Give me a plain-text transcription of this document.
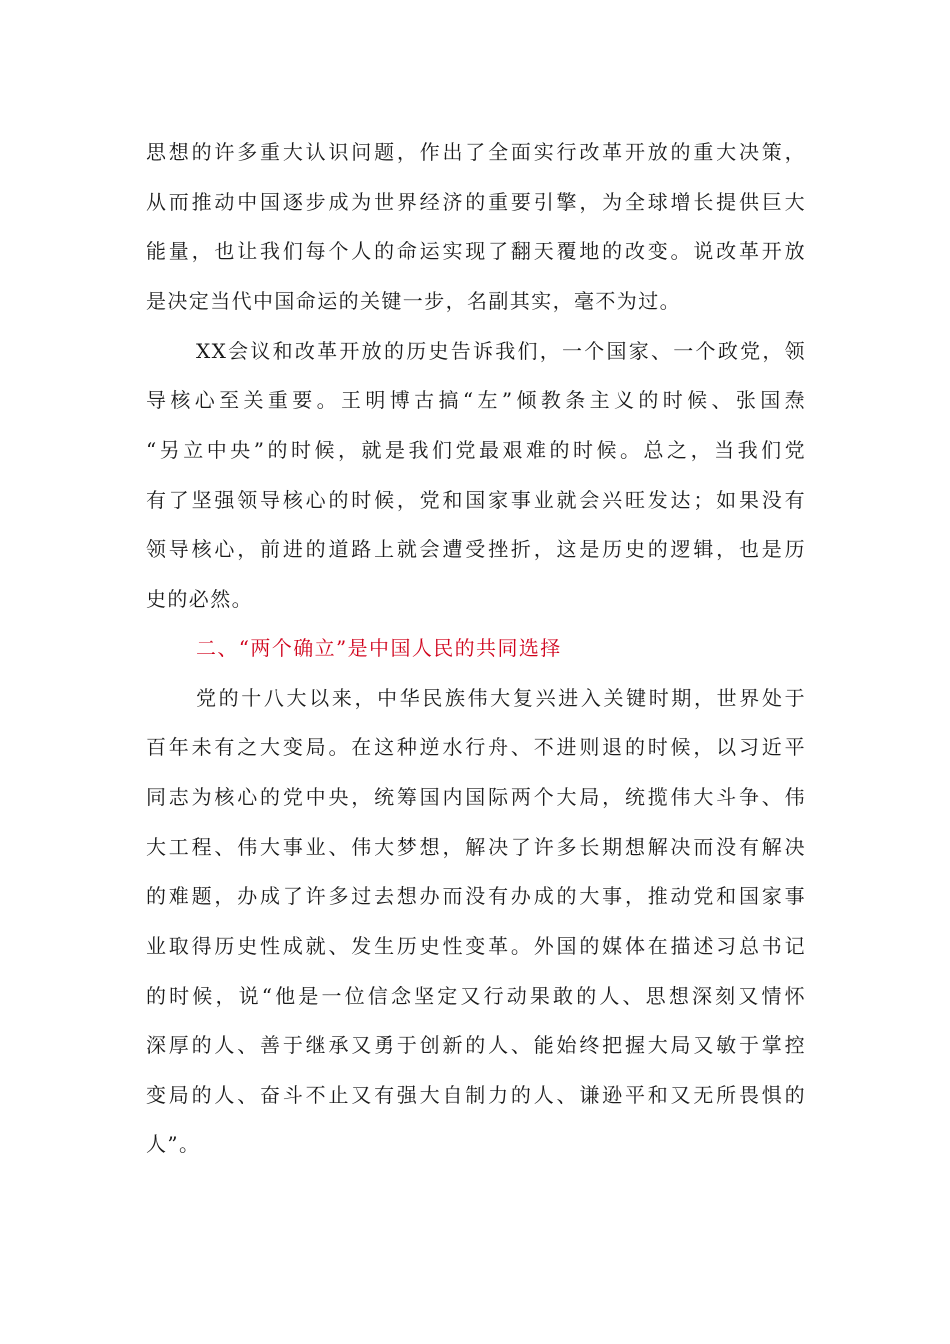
思想的许多重大认识问题，作出了全面实行改革开放的重大决策，
从而推动中国逐步成为世界经济的重要引擎，为全球增长提供巨大
能量，也让我们每个人的命运实现了翻天覆地的改变。说改革开放
是决定当代中国命运的关键一步，名副其实，毫不为过。
XX会议和改革开放的历史告诉我们，一个国家、一个政党，领
导核心至关重要。王明博古搞“左”倾教条主义的时候、张国焘
“另立中央”的时候，就是我们党最艰难的时候。总之，当我们党
有了坚强领导核心的时候，党和国家事业就会兴旺发达；如果没有
领导核心，前进的道路上就会遭受挫折，这是历史的逻辑，也是历
史的必然。
二、“两个确立”是中国人民的共同选择
党的十八大以来，中华民族伟大复兴进入关键时期，世界处于
百年未有之大变局。在这种逆水行舟、不进则退的时候，以习近平
同志为核心的党中央，统筹国内国际两个大局，统揽伟大斗争、伟
大工程、伟大事业、伟大梦想，解决了许多长期想解决而没有解决
的难题，办成了许多过去想办而没有办成的大事，推动党和国家事
业取得历史性成就、发生历史性变革。外国的媒体在描述习总书记
的时候，说“他是一位信念坚定又行动果敢的人、思想深刻又情怀
深厚的人、善于继承又勇于创新的人、能始终把握大局又敏于掌控
变局的人、奋斗不止又有强大自制力的人、谦逊平和又无所畏惧的
人”。
